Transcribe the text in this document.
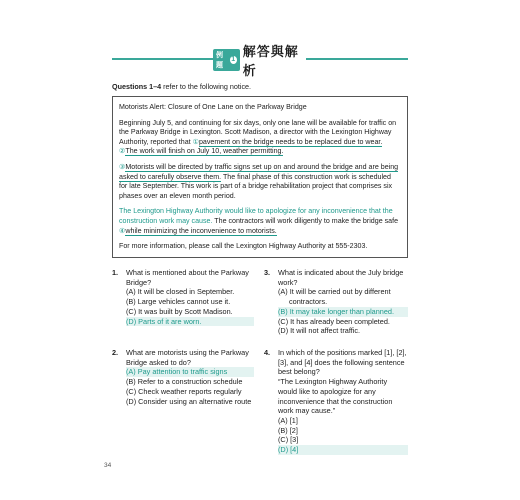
例題
1
解答與解析
Questions 1–4 refer to the following notice.

Motorists Alert: Closure of One Lane on the Parkway Bridge

Beginning July 5, and continuing for six days, only one lane will be available for traffic on the Parkway Bridge in Lexington. Scott Madison, a director with the Lexington Highway Authority, reported that ①pavement on the bridge needs to be replaced due to wear. ②The work will finish on July 10, weather permitting.

③Motorists will be directed by traffic signs set up on and around the bridge and are being asked to carefully observe them. The final phase of this construction work is scheduled for late September. This work is part of a bridge rehabilitation project that comprises six phases over an eleven month period.

The Lexington Highway Authority would like to apologize for any inconvenience that the construction work may cause. The contractors will work diligently to make the bridge safe ④while minimizing the inconvenience to motorists.

For more information, please call the Lexington Highway Authority at 555-2303.

1. What is mentioned about the Parkway Bridge?
(A) It will be closed in September.
(B) Large vehicles cannot use it.
(C) It was built by Scott Madison.
(D) Parts of it are worn.
2. What are motorists using the Parkway Bridge asked to do?
(A) Pay attention to traffic signs
(B) Refer to a construction schedule
(C) Check weather reports regularly
(D) Consider using an alternative route
3. What is indicated about the July bridge work?
(A) It will be carried out by different contractors.
(B) It may take longer than planned.
(C) It has already been completed.
(D) It will not affect traffic.
4. In which of the positions marked [1], [2], [3], and [4] does the following sentence best belong?
“The Lexington Highway Authority would like to apologize for any inconvenience that the construction work may cause.”
(A) [1]
(B) [2]
(C) [3]
(D) [4]
34
